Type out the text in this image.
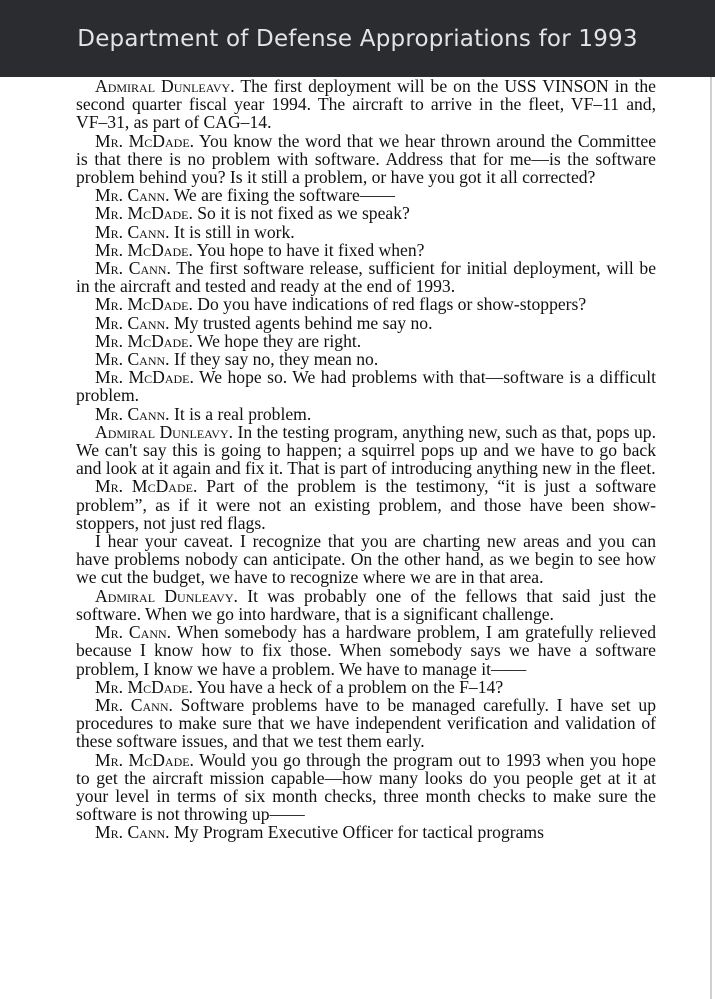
Department of Defense Appropriations for 1993

Admiral Dunleavy. The first deployment will be on the USS VINSON in the second quarter fiscal year 1994. The aircraft to arrive in the fleet, VF–11 and, VF–31, as part of CAG–14.

Mr. McDade. You know the word that we hear thrown around the Committee is that there is no problem with software. Address that for me—is the software problem behind you? Is it still a problem, or have you got it all corrected?

Mr. Cann. We are fixing the software——

Mr. McDade. So it is not fixed as we speak?

Mr. Cann. It is still in work.

Mr. McDade. You hope to have it fixed when?

Mr. Cann. The first software release, sufficient for initial deployment, will be in the aircraft and tested and ready at the end of 1993.

Mr. McDade. Do you have indications of red flags or show-stoppers?

Mr. Cann. My trusted agents behind me say no.

Mr. McDade. We hope they are right.

Mr. Cann. If they say no, they mean no.

Mr. McDade. We hope so. We had problems with that—software is a difficult problem.

Mr. Cann. It is a real problem.

Admiral Dunleavy. In the testing program, anything new, such as that, pops up. We can't say this is going to happen; a squirrel pops up and we have to go back and look at it again and fix it. That is part of introducing anything new in the fleet.

Mr. McDade. Part of the problem is the testimony, “it is just a software problem”, as if it were not an existing problem, and those have been show-stoppers, not just red flags.

I hear your caveat. I recognize that you are charting new areas and you can have problems nobody can anticipate. On the other hand, as we begin to see how we cut the budget, we have to recognize where we are in that area.

Admiral Dunleavy. It was probably one of the fellows that said just the software. When we go into hardware, that is a significant challenge.

Mr. Cann. When somebody has a hardware problem, I am gratefully relieved because I know how to fix those. When somebody says we have a software problem, I know we have a problem. We have to manage it——

Mr. McDade. You have a heck of a problem on the F–14?

Mr. Cann. Software problems have to be managed carefully. I have set up procedures to make sure that we have independent verification and validation of these software issues, and that we test them early.

Mr. McDade. Would you go through the program out to 1993 when you hope to get the aircraft mission capable—how many looks do you people get at it at your level in terms of six month checks, three month checks to make sure the software is not throwing up——

Mr. Cann. My Program Executive Officer for tactical programs
